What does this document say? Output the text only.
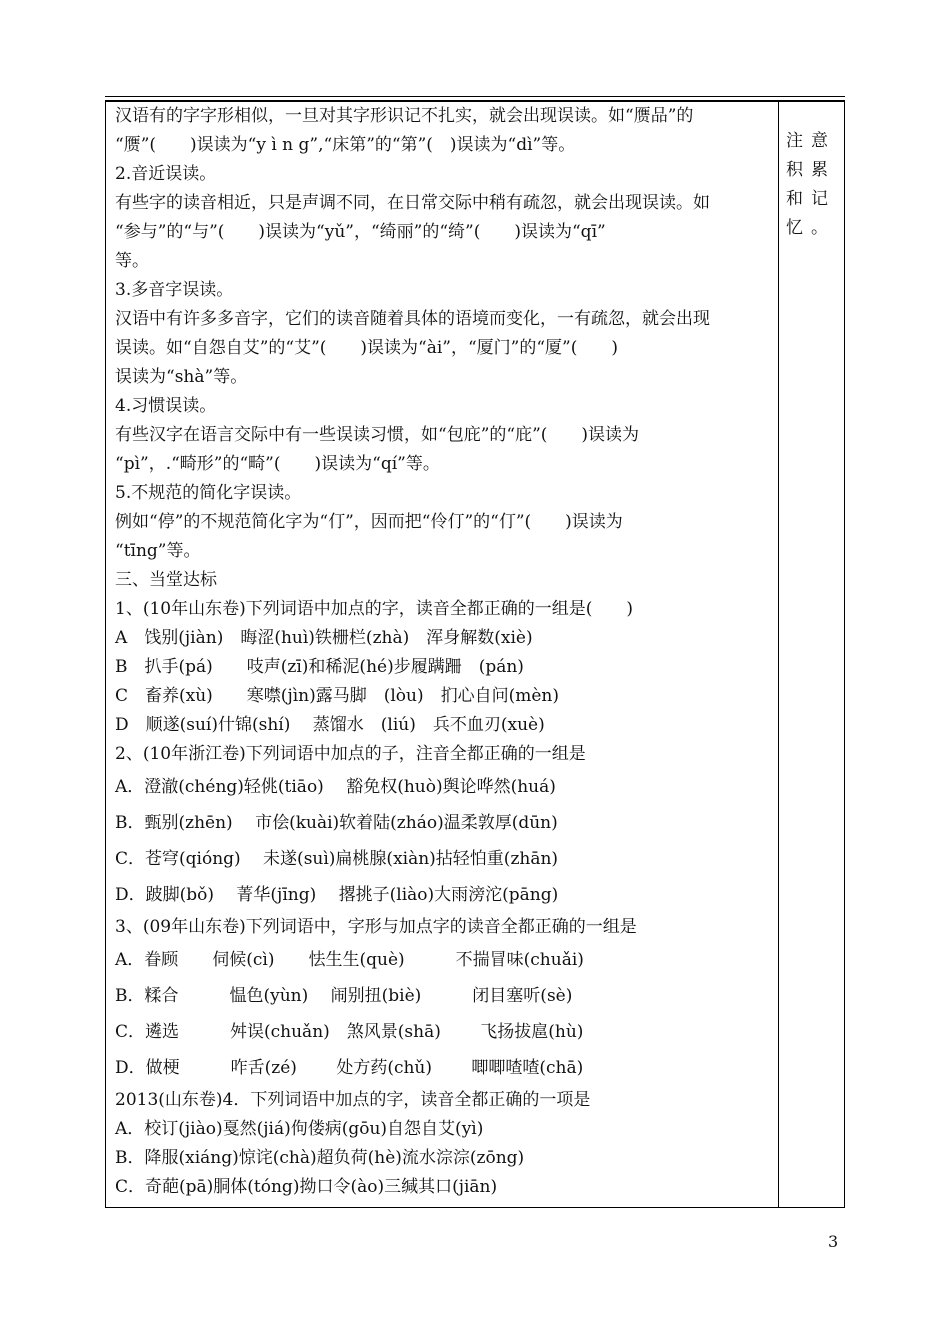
汉语有的字字形相似，一旦对其字形识记不扎实，就会出现误读。如“赝品”的

“赝”(　　)误读为“y ì n g”,“床第”的“第”(　)误读为“dì”等。

2.音近误读。

有些字的读音相近，只是声调不同，在日常交际中稍有疏忽，就会出现误读。如

“参与”的“与”(　　)误读为“yǔ”，“绮丽”的“绮”(　　)误读为“qī”

等。

3.多音字误读。

汉语中有许多多音字，它们的读音随着具体的语境而变化，一有疏忽，就会出现

误读。如“自怨自艾”的“艾”(　　)误读为“ài”，“厦门”的“厦”(　　)

误读为“shà”等。

4.习惯误读。

有些汉字在语言交际中有一些误读习惯，如“包庇”的“庇”(　　)误读为

“pì”，.“畸形”的“畸”(　　)误读为“qí”等。

5.不规范的简化字误读。

例如“停”的不规范简化字为“仃”，因而把“伶仃”的“仃”(　　)误读为

“tīng”等。

三、当堂达标

1、(10年山东卷)下列词语中加点的字，读音全都正确的一组是(　　)

A　饯别(jiàn)　晦涩(huì)铁栅栏(zhà)　浑身解数(xiè)

B　扒手(pá)　　吱声(zī)和稀泥(hé)步履蹒跚　(pán)

C　畜养(xù)　　寒噤(jìn)露马脚　(lòu)　扪心自问(mèn)

D　顺遂(suí)什锦(shí)　 蒸馏水　(liú)　兵不血刃(xuè)

2、(10年浙江卷)下列词语中加点的子，注音全都正确的一组是

A．澄澈(chéng)轻佻(tiāo)　 豁免权(huò)舆论哗然(huá)

B．甄别(zhēn)　 市侩(kuài)软着陆(zháo)温柔敦厚(dūn)

C．苍穹(qióng)　 未遂(suì)扁桃腺(xiàn)拈轻怕重(zhān)

D．跛脚(bǒ)　 菁华(jīng)　 撂挑子(liào)大雨滂沱(pāng)

3、(09年山东卷)下列词语中，字形与加点字的读音全都正确的一组是

A．眷顾　　伺候(cì)　　怯生生(què)　　　不揣冒味(chuǎi)

B．糅合　　　愠色(yùn)　 闹别扭(biè)　　　闭目塞听(sè)

C．遴选　　　舛误(chuǎn)　煞风景(shā)　　 飞扬拔扈(hù)

D．做梗　　　咋舌(zé)　　 处方药(chǔ)　　 唧唧喳喳(chā)

2013(山东卷)4．下列词语中加点的字，读音全都正确的一项是

A．校订(jiào)戛然(jiá)佝偻病(gōu)自怨自艾(yì)

B．降服(xiáng)惊诧(chà)超负荷(hè)流水淙淙(zōng)

C．奇葩(pā)胴体(tóng)拗口令(ào)三缄其口(jiān)

注意
积累
和记
忆。
3
